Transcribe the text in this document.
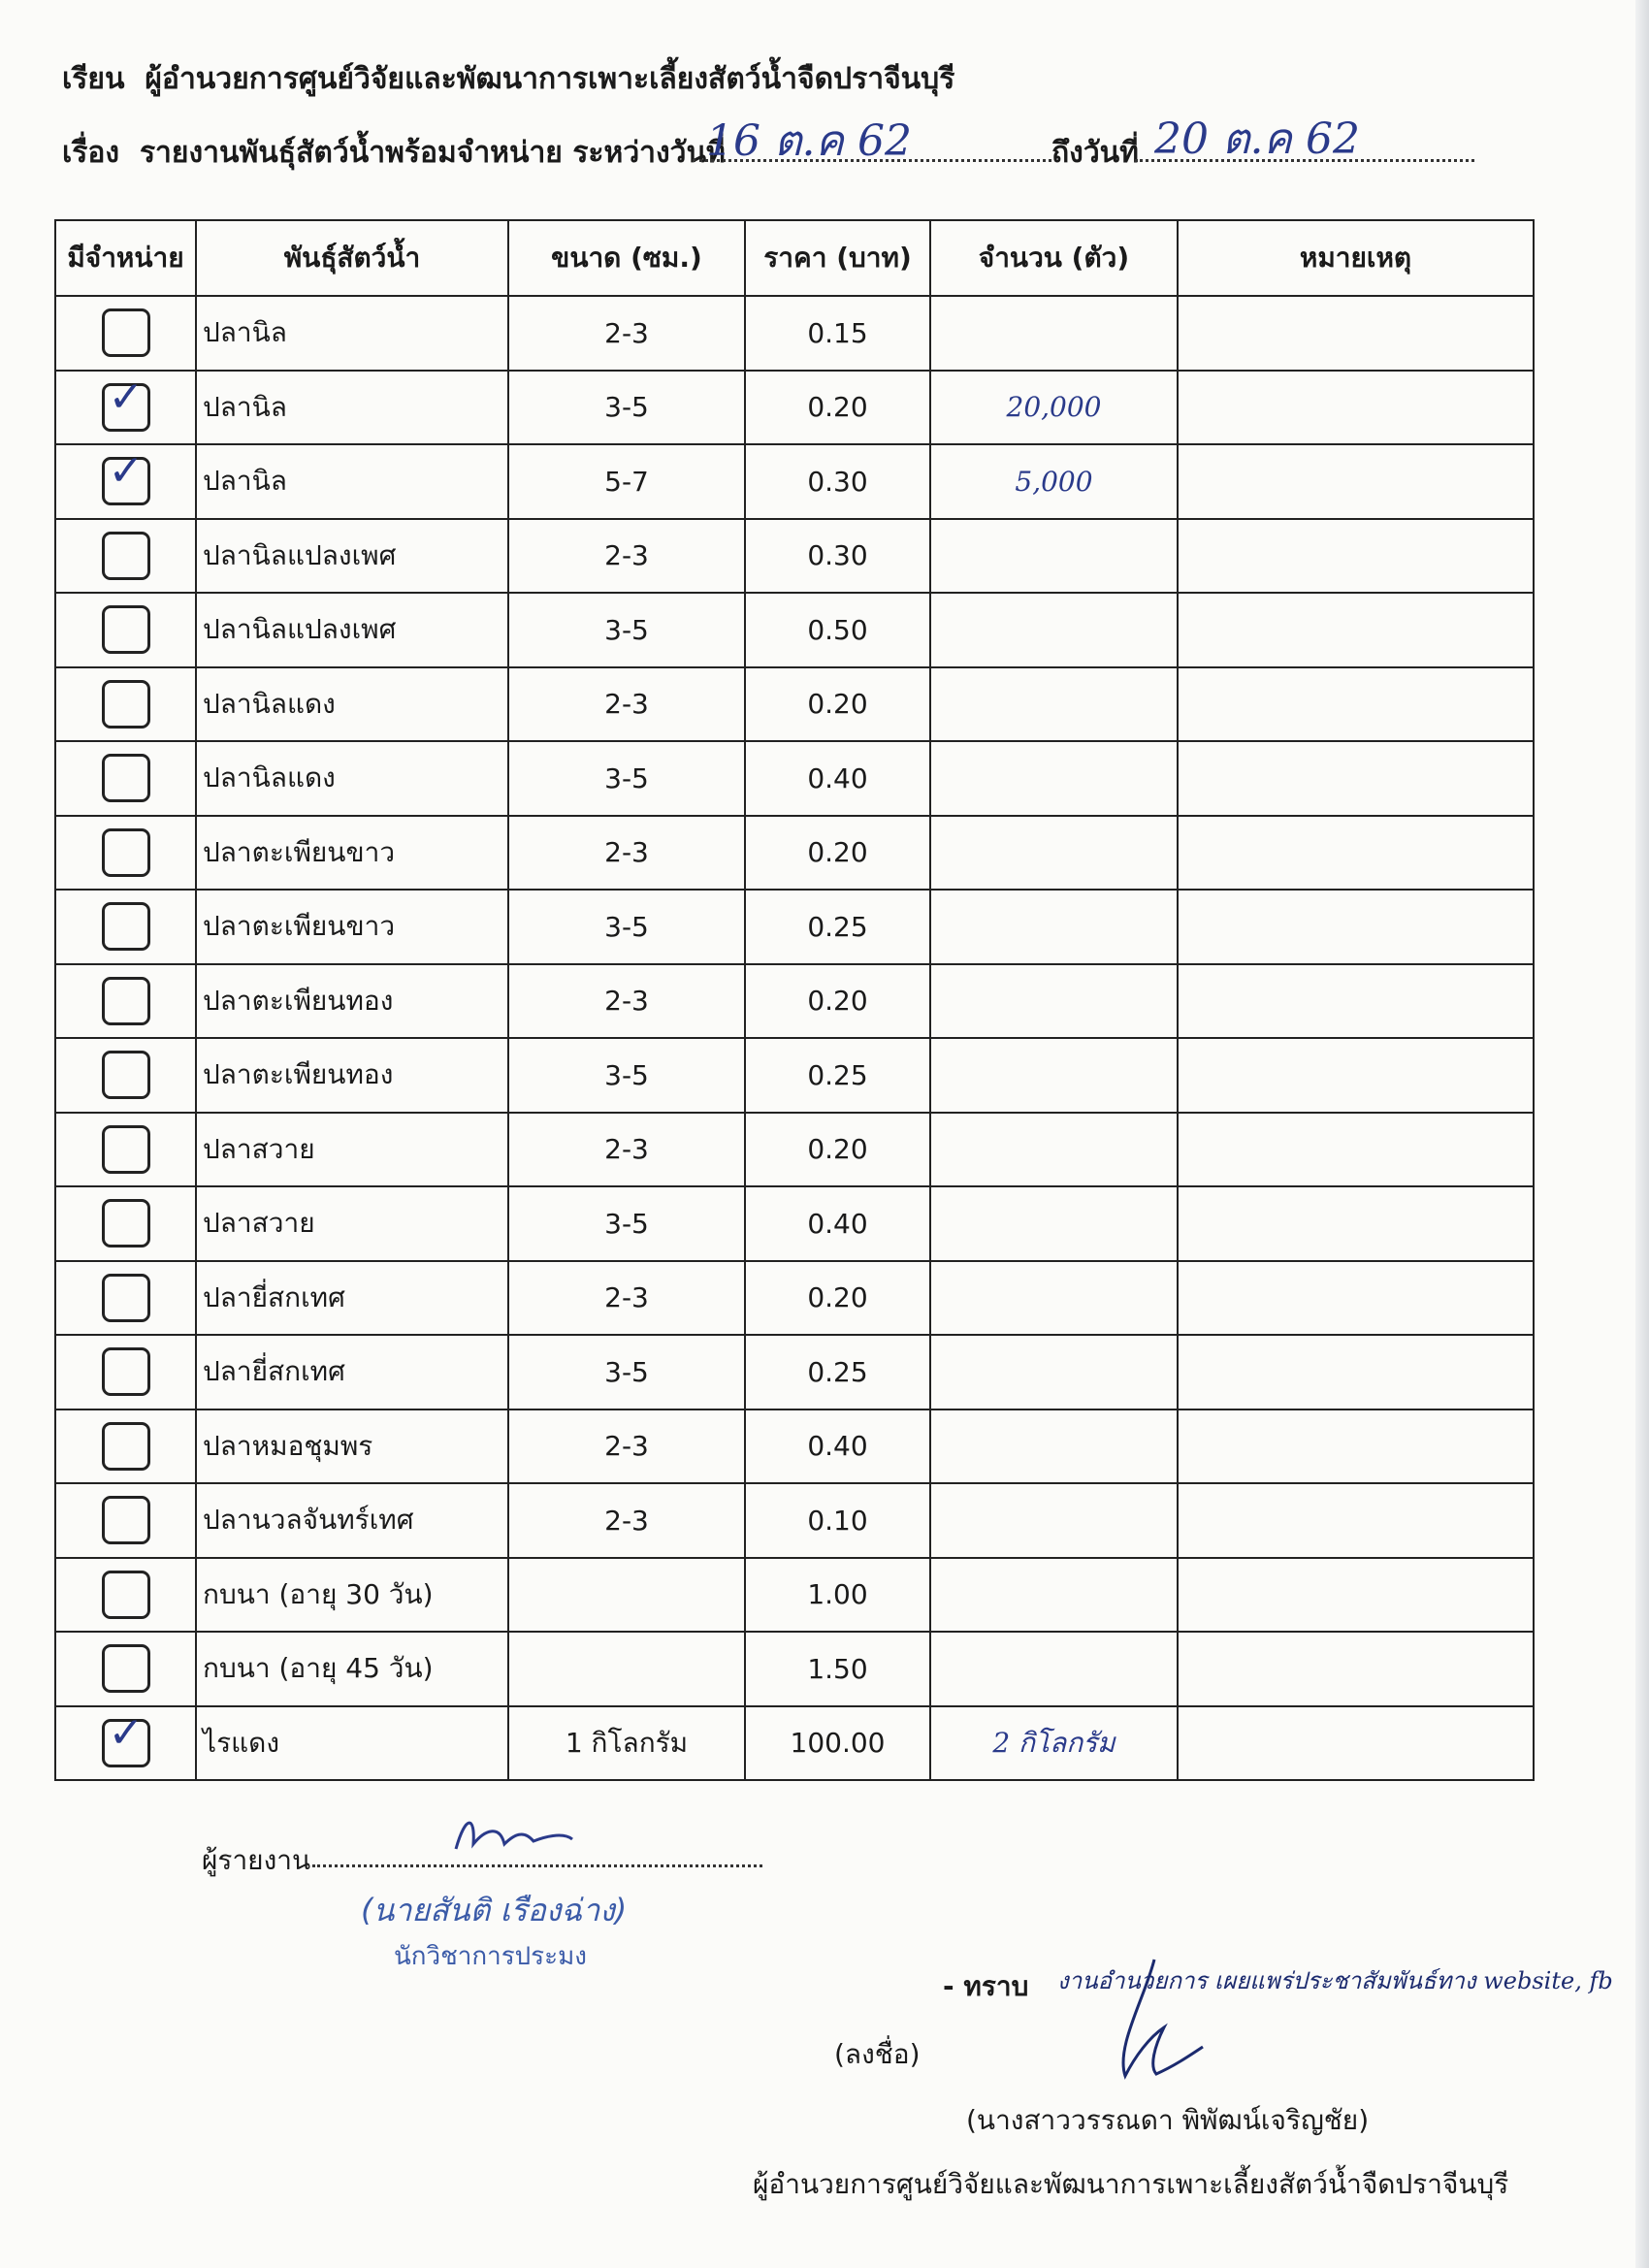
เรียน ผู้อำนวยการศูนย์วิจัยและพัฒนาการเพาะเลี้ยงสัตว์น้ำจืดปราจีนบุรี
เรื่อง รายงานพันธุ์สัตว์น้ำพร้อมจำหน่าย ระหว่างวันที่
16 ต.ค 62	ถึงวันที่ 20 ต.ค 62
มีจำหน่าย	พันธุ์สัตว์น้ำ	ขนาด (ซม.)	ราคา (บาท)	จำนวน (ตัว)	หมายเหตุ

	ปลานิล	2-3	0.15		

✓	ปลานิล	3-5	0.20	20,000	

✓	ปลานิล	5-7	0.30	5,000	

	ปลานิลแปลงเพศ	2-3	0.30		

	ปลานิลแปลงเพศ	3-5	0.50		

	ปลานิลแดง	2-3	0.20		

	ปลานิลแดง	3-5	0.40		

	ปลาตะเพียนขาว	2-3	0.20		

	ปลาตะเพียนขาว	3-5	0.25		

	ปลาตะเพียนทอง	2-3	0.20		

	ปลาตะเพียนทอง	3-5	0.25		

	ปลาสวาย	2-3	0.20		

	ปลาสวาย	3-5	0.40		

	ปลายี่สกเทศ	2-3	0.20		

	ปลายี่สกเทศ	3-5	0.25		

	ปลาหมอชุมพร	2-3	0.40		

	ปลานวลจันทร์เทศ	2-3	0.10		

	กบนา (อายุ 30 วัน)		1.00		

	กบนา (อายุ 45 วัน)		1.50		

✓	ไรแดง	1 กิโลกรัม	100.00	2 กิโลกรัม	
ผู้รายงาน
(นายสันติ เรืองฉ่าง)
นักวิชาการประมง
- ทราบ งานอำนวยการ เผยแพร่ประชาสัมพันธ์ทาง website, fb
(ลงชื่อ)
(นางสาววรรณดา พิพัฒน์เจริญชัย)
ผู้อำนวยการศูนย์วิจัยและพัฒนาการเพาะเลี้ยงสัตว์น้ำจืดปราจีนบุรี
